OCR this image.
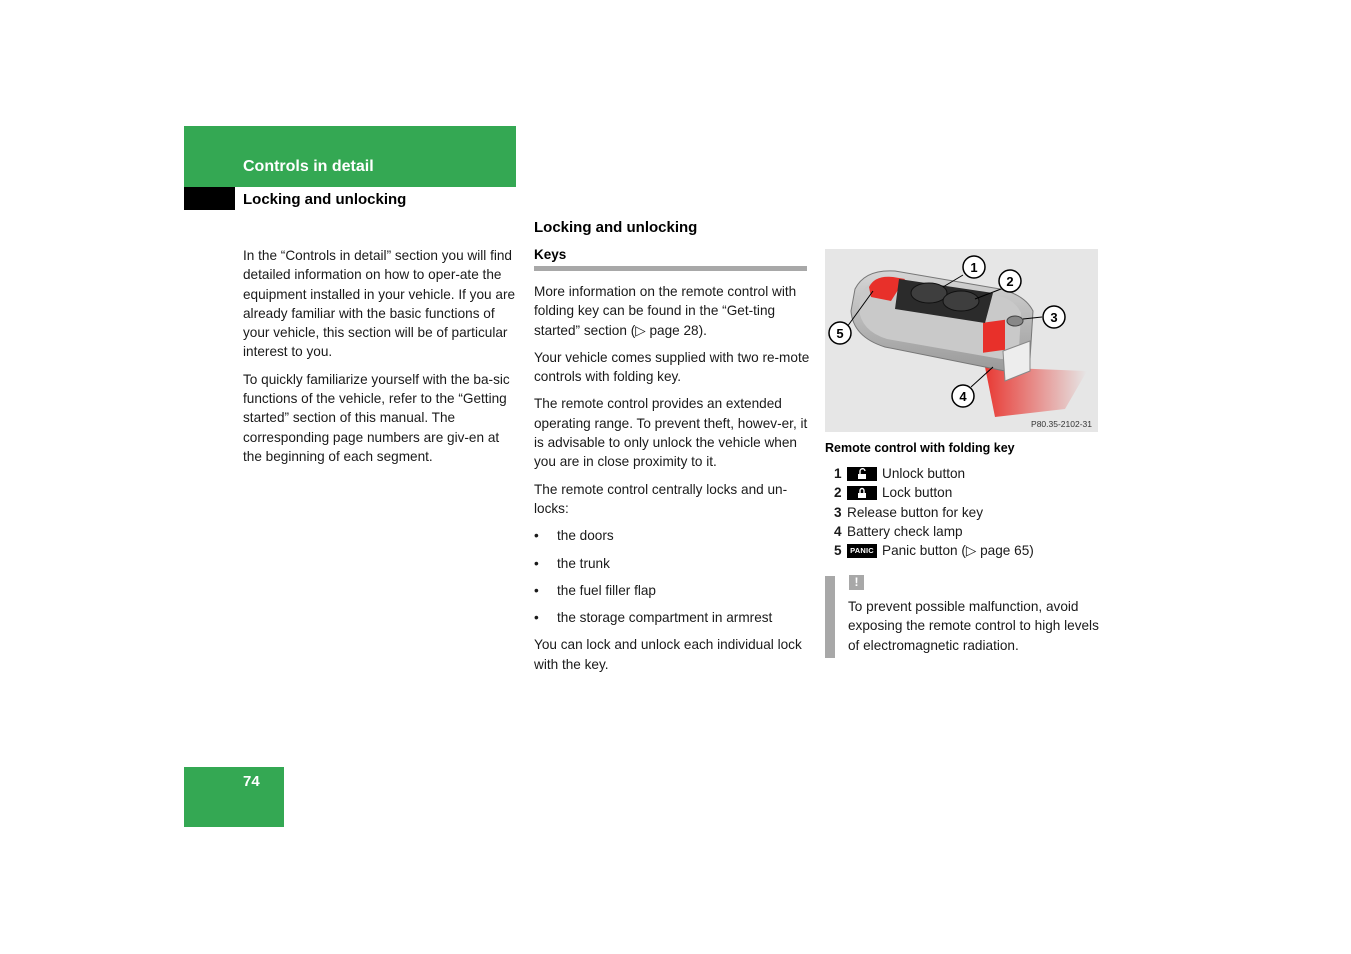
Controls in detail
Locking and unlocking

In the “Controls in detail” section you will find detailed information on how to oper-ate the equipment installed in your vehicle. If you are already familiar with the basic functions of your vehicle, this section will be of particular interest to you.

To quickly familiarize yourself with the ba-sic functions of the vehicle, refer to the “Getting started” section of this manual. The corresponding page numbers are giv-en at the beginning of each segment.

Locking and unlocking
Keys

More information on the remote control with folding key can be found in the “Get-ting started” section (▷ page 28).

Your vehicle comes supplied with two re-mote controls with folding key.

The remote control provides an extended operating range. To prevent theft, howev-er, it is advisable to only unlock the vehicle when you are in close proximity to it.

The remote control centrally locks and un-locks:

• the doors
• the trunk
• the fuel filler flap
• the storage compartment in armrest

You can lock and unlock each individual lock with the key.

1
2
3
4
5
P80.35-2102-31
Remote control with folding key
1	Unlock button
2	Lock button
3 Release button for key
4 Battery check lamp
5	PANIC Panic button (▷ page 65)
!
To prevent possible malfunction, avoid exposing the remote control to high levels of electromagnetic radiation.
74
